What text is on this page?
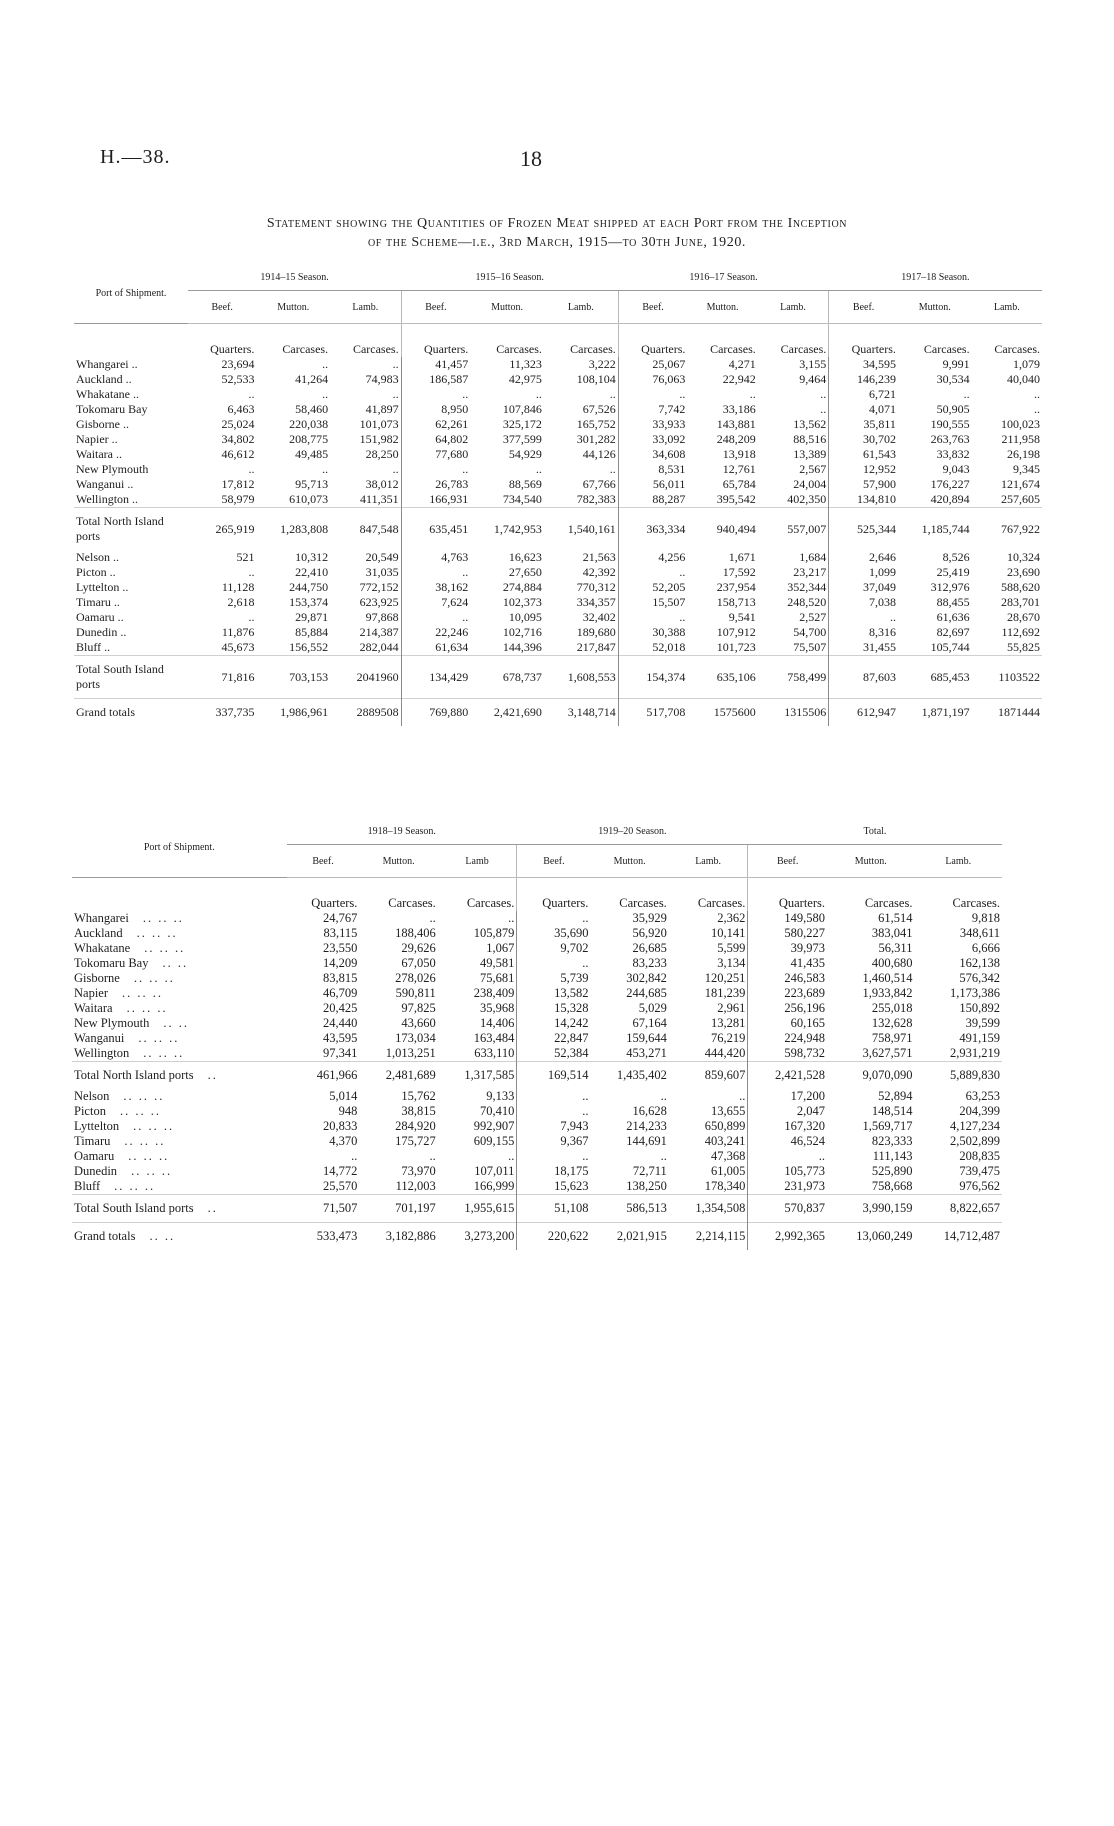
H.—38.	18
Statement showing the Quantities of Frozen Meat shipped at each Port from the Inception
of the Scheme—i.e., 3rd March, 1915—to 30th June, 1920.
Port of Shipment.	1914–15 Season.			1915–16 Season.			1916–17 Season.			1917–18 Season.		
	Beef.	Mutton.	Lamb.	Beef.	Mutton.	Lamb.	Beef.	Mutton.	Lamb.	Beef.	Mutton.	Lamb.
	Quarters.	Carcases.	Carcases.	Quarters.	Carcases.	Carcases.	Quarters.	Carcases.	Carcases.	Quarters.	Carcases.	Carcases.
Whangarei ..	23,694	..	..	41,457	11,323	3,222	25,067	4,271	3,155	34,595	9,991	1,079
Auckland ..	52,533	41,264	74,983	186,587	42,975	108,104	76,063	22,942	9,464	146,239	30,534	40,040
Whakatane ..	..	..	..	..	..	..	..	..	..	6,721	..	..
Tokomaru Bay	6,463	58,460	41,897	8,950	107,846	67,526	7,742	33,186	..	4,071	50,905	..
Gisborne ..	25,024	220,038	101,073	62,261	325,172	165,752	33,933	143,881	13,562	35,811	190,555	100,023
Napier ..	34,802	208,775	151,982	64,802	377,599	301,282	33,092	248,209	88,516	30,702	263,763	211,958
Waitara ..	46,612	49,485	28,250	77,680	54,929	44,126	34,608	13,918	13,389	61,543	33,832	26,198
New Plymouth	..	..	..	..	..	..	8,531	12,761	2,567	12,952	9,043	9,345
Wanganui ..	17,812	95,713	38,012	26,783	88,569	67,766	56,011	65,784	24,004	57,900	176,227	121,674
Wellington ..	58,979	610,073	411,351	166,931	734,540	782,383	88,287	395,542	402,350	134,810	420,894	257,605
Total North Island ports	265,919	1,283,808	847,548	635,451	1,742,953	1,540,161	363,334	940,494	557,007	525,344	1,185,744	767,922
Nelson ..	521	10,312	20,549	4,763	16,623	21,563	4,256	1,671	1,684	2,646	8,526	10,324
Picton ..	..	22,410	31,035	..	27,650	42,392	..	17,592	23,217	1,099	25,419	23,690
Lyttelton ..	11,128	244,750	772,152	38,162	274,884	770,312	52,205	237,954	352,344	37,049	312,976	588,620
Timaru ..	2,618	153,374	623,925	7,624	102,373	334,357	15,507	158,713	248,520	7,038	88,455	283,701
Oamaru ..	..	29,871	97,868	..	10,095	32,402	..	9,541	2,527	..	61,636	28,670
Dunedin ..	11,876	85,884	214,387	22,246	102,716	189,680	30,388	107,912	54,700	8,316	82,697	112,692
Bluff ..	45,673	156,552	282,044	61,634	144,396	217,847	52,018	101,723	75,507	31,455	105,744	55,825
Total South Island ports	71,816	703,153	2041960	134,429	678,737	1,608,553	154,374	635,106	758,499	87,603	685,453	1103522
Grand totals	337,735	1,986,961	2889508	769,880	2,421,690	3,148,714	517,708	1575600	1315506	612,947	1,871,197	1871444
Port of Shipment.	1918–19 Season.			1919–20 Season.			Total.		
	Beef.	Mutton.	Lamb	Beef.	Mutton.	Lamb.	Beef.	Mutton.	Lamb.
	Quarters.	Carcases.	Carcases.	Quarters.	Carcases.	Carcases.	Quarters.	Carcases.	Carcases.
Whangarei .. .. ..	24,767	..	..	..	35,929	2,362	149,580	61,514	9,818
Auckland .. .. ..	83,115	188,406	105,879	35,690	56,920	10,141	580,227	383,041	348,611
Whakatane .. .. ..	23,550	29,626	1,067	9,702	26,685	5,599	39,973	56,311	6,666
Tokomaru Bay .. ..	14,209	67,050	49,581	..	83,233	3,134	41,435	400,680	162,138
Gisborne .. .. ..	83,815	278,026	75,681	5,739	302,842	120,251	246,583	1,460,514	576,342
Napier .. .. ..	46,709	590,811	238,409	13,582	244,685	181,239	223,689	1,933,842	1,173,386
Waitara .. .. ..	20,425	97,825	35,968	15,328	5,029	2,961	256,196	255,018	150,892
New Plymouth .. ..	24,440	43,660	14,406	14,242	67,164	13,281	60,165	132,628	39,599
Wanganui .. .. ..	43,595	173,034	163,484	22,847	159,644	76,219	224,948	758,971	491,159
Wellington .. .. ..	97,341	1,013,251	633,110	52,384	453,271	444,420	598,732	3,627,571	2,931,219
Total North Island ports ..	461,966	2,481,689	1,317,585	169,514	1,435,402	859,607	2,421,528	9,070,090	5,889,830
Nelson .. .. ..	5,014	15,762	9,133	..	..	..	17,200	52,894	63,253
Picton .. .. ..	948	38,815	70,410	..	16,628	13,655	2,047	148,514	204,399
Lyttelton .. .. ..	20,833	284,920	992,907	7,943	214,233	650,899	167,320	1,569,717	4,127,234
Timaru .. .. ..	4,370	175,727	609,155	9,367	144,691	403,241	46,524	823,333	2,502,899
Oamaru .. .. ..	..	..	..	..	..	47,368	..	111,143	208,835
Dunedin .. .. ..	14,772	73,970	107,011	18,175	72,711	61,005	105,773	525,890	739,475
Bluff .. .. ..	25,570	112,003	166,999	15,623	138,250	178,340	231,973	758,668	976,562
Total South Island ports ..	71,507	701,197	1,955,615	51,108	586,513	1,354,508	570,837	3,990,159	8,822,657
Grand totals .. ..	533,473	3,182,886	3,273,200	220,622	2,021,915	2,214,115	2,992,365	13,060,249	14,712,487
